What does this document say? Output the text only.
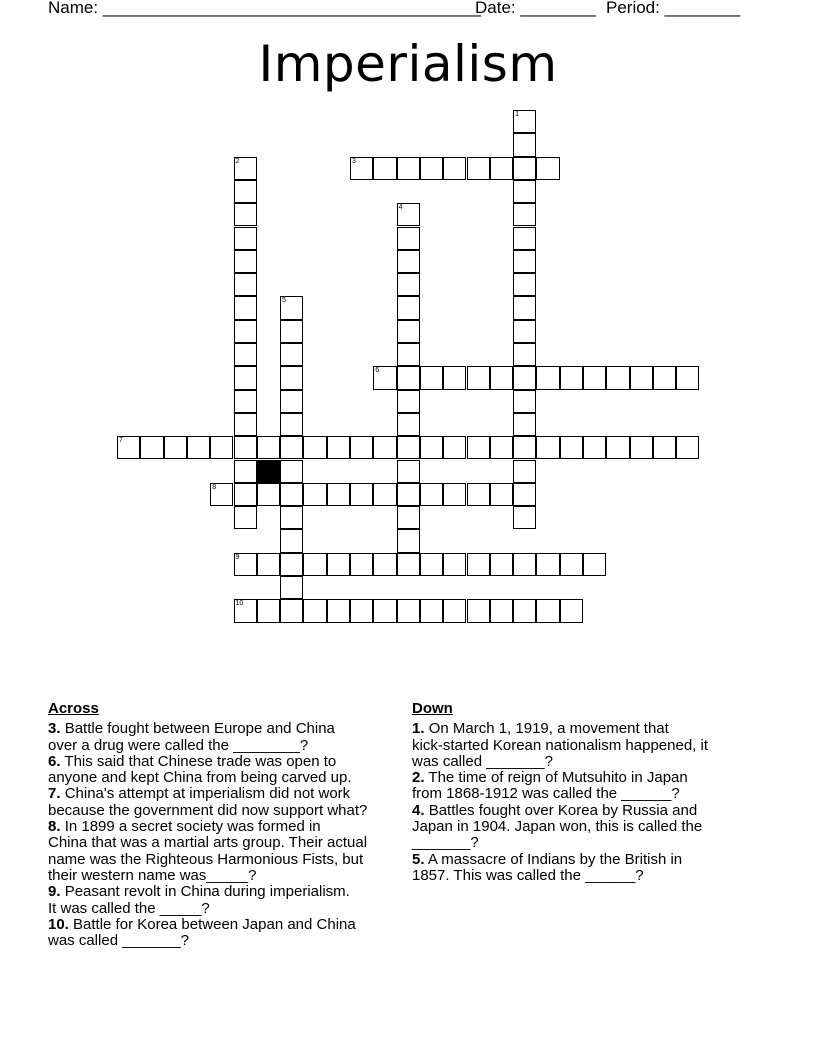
Name: ________________________________________
Date: ________ Period: ________
Imperialism
1
2	3
4
5
6
7
8
9
10
Across
3. Battle fought between Europe and China
over a drug were called the ________?
6. This said that Chinese trade was open to
anyone and kept China from being carved up.
7. China's attempt at imperialism did not work
because the government did now support what?
8. In 1899 a secret society was formed in
China that was a martial arts group. Their actual
name was the Righteous Harmonious Fists, but
their western name was_____?
9. Peasant revolt in China during imperialism.
It was called the _____?
10. Battle for Korea between Japan and China
was called _______?
Down
1. On March 1, 1919, a movement that
kick-started Korean nationalism happened, it
was called _______?
2. The time of reign of Mutsuhito in Japan
from 1868-1912 was called the ______?
4. Battles fought over Korea by Russia and
Japan in 1904. Japan won, this is called the
_______?
5. A massacre of Indians by the British in
1857. This was called the ______?
